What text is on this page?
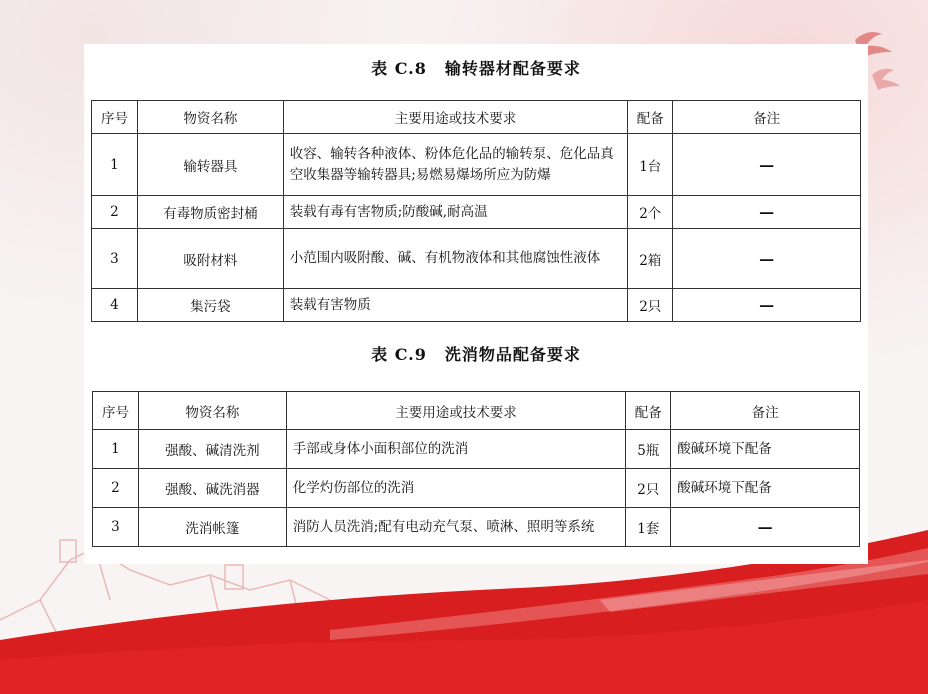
表 C.8 输转器材配备要求
序号	物资名称	主要用途或技术要求	配备	备注
1	输转器具	收容、输转各种液体、粉体危化品的输转泵、危化品真空收集器等输转器具;易燃易爆场所应为防爆	1台	—
2	有毒物质密封桶	装载有毒有害物质;防酸碱,耐高温	2个	—
3	吸附材料	小范围内吸附酸、碱、有机物液体和其他腐蚀性液体	2箱	—
4	集污袋	装载有害物质	2只	—
表 C.9 洗消物品配备要求
序号	物资名称	主要用途或技术要求	配备	备注
1	强酸、碱清洗剂	手部或身体小面积部位的洗消	5瓶	酸碱环境下配备
2	强酸、碱洗消器	化学灼伤部位的洗消	2只	酸碱环境下配备
3	洗消帐篷	消防人员洗消;配有电动充气泵、喷淋、照明等系统	1套	—
